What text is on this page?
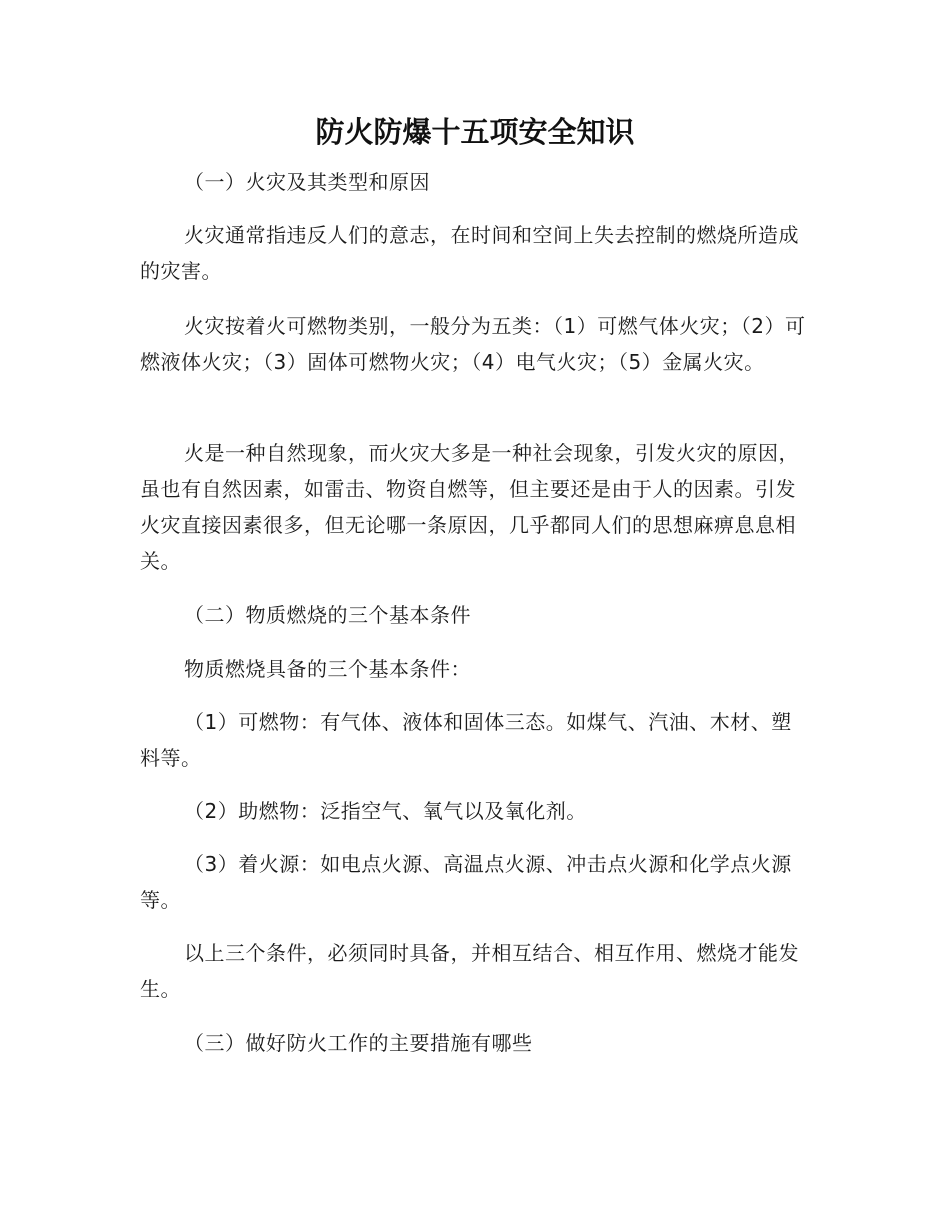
防火防爆十五项安全知识

（一）火灾及其类型和原因

火灾通常指违反人们的意志，在时间和空间上失去控制的燃烧所造成的灾害。

火灾按着火可燃物类别，一般分为五类：（1）可燃气体火灾；（2）可燃液体火灾；（3）固体可燃物火灾；（4）电气火灾；（5）金属火灾。

火是一种自然现象，而火灾大多是一种社会现象，引发火灾的原因，虽也有自然因素，如雷击、物资自燃等，但主要还是由于人的因素。引发火灾直接因素很多，但无论哪一条原因，几乎都同人们的思想麻痹息息相关。

（二）物质燃烧的三个基本条件

物质燃烧具备的三个基本条件：

（1）可燃物：有气体、液体和固体三态。如煤气、汽油、木材、塑料等。

（2）助燃物：泛指空气、氧气以及氧化剂。

（3）着火源：如电点火源、高温点火源、冲击点火源和化学点火源等。

以上三个条件，必须同时具备，并相互结合、相互作用、燃烧才能发生。

（三）做好防火工作的主要措施有哪些
